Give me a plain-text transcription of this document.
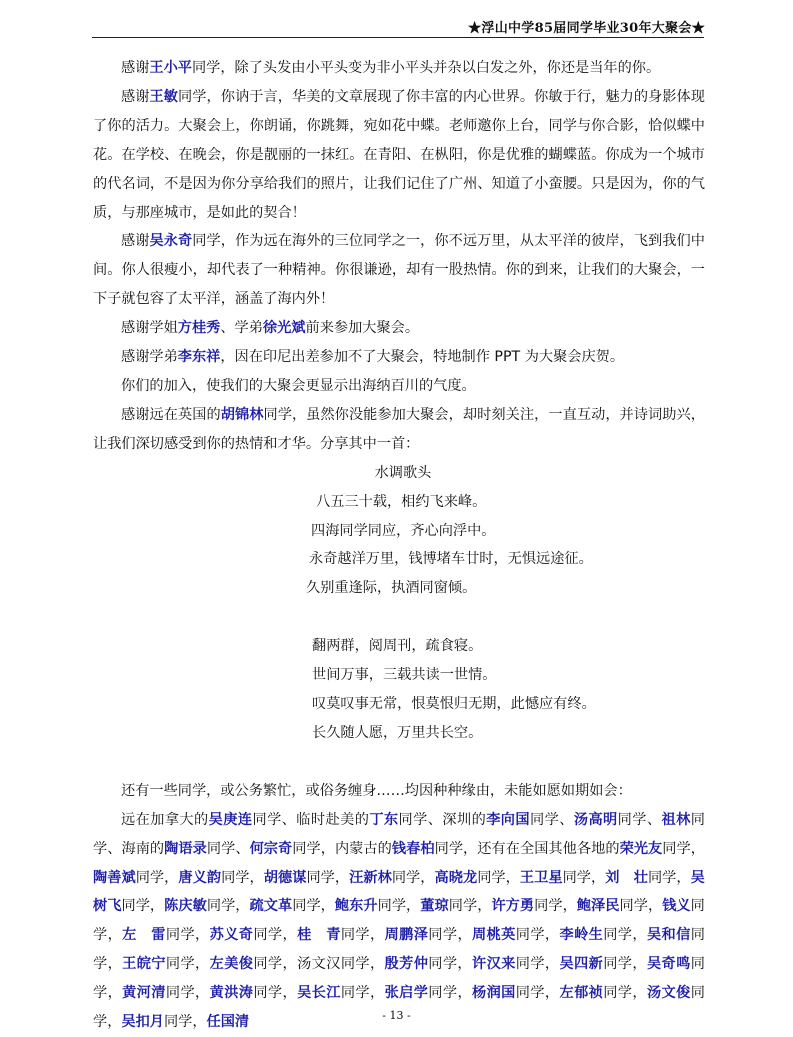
★浮山中学85届同学毕业30年大聚会★

感谢王小平同学，除了头发由小平头变为非小平头并杂以白发之外，你还是当年的你。

感谢王敏同学，你讷于言，华美的文章展现了你丰富的内心世界。你敏于行，魅力的身影体现了你的活力。大聚会上，你朗诵，你跳舞，宛如花中蝶。老师邀你上台，同学与你合影，恰似蝶中花。在学校、在晚会，你是靓丽的一抹红。在青阳、在枞阳，你是优雅的蝴蝶蓝。你成为一个城市的代名词，不是因为你分享给我们的照片，让我们记住了广州、知道了小蛮腰。只是因为，你的气质，与那座城市，是如此的契合！

感谢吴永奇同学，作为远在海外的三位同学之一，你不远万里，从太平洋的彼岸，飞到我们中间。你人很瘦小，却代表了一种精神。你很谦逊，却有一股热情。你的到来，让我们的大聚会，一下子就包容了太平洋，涵盖了海内外！

感谢学姐方桂秀、学弟徐光斌前来参加大聚会。

感谢学弟李东祥，因在印尼出差参加不了大聚会，特地制作 PPT 为大聚会庆贺。

你们的加入，使我们的大聚会更显示出海纳百川的气度。

感谢远在英国的胡锦林同学，虽然你没能参加大聚会，却时刻关注，一直互动，并诗词助兴，让我们深切感受到你的热情和才华。分享其中一首：

水调歌头

八五三十载，相约飞来峰。

四海同学同应，齐心向浮中。

永奇越洋万里，钱博堵车廿时，无惧远途征。

久别重逢际，执酒同窗倾。

翻两群，阅周刊，疏食寝。

世间万事，三载共读一世情。

叹莫叹事无常，恨莫恨归无期，此憾应有终。

长久随人愿，万里共长空。

还有一些同学，或公务繁忙，或俗务缠身……均因种种缘由，未能如愿如期如会：

远在加拿大的吴庚连同学、临时赴美的丁东同学、深圳的李向国同学、汤高明同学、祖林同学、海南的陶语录同学、何宗奇同学，内蒙古的钱春柏同学，还有在全国其他各地的荣光友同学，陶善斌同学，唐义韵同学，胡德谋同学，汪新林同学，高晓龙同学，王卫星同学，刘　壮同学，吴树飞同学，陈庆敏同学，疏文革同学，鲍东升同学，董琼同学，许方勇同学，鲍泽民同学，钱义同学，左　雷同学，苏义奇同学，桂　青同学，周鹏泽同学，周桃英同学，李岭生同学，吴和信同学，王皖宁同学，左美俊同学，汤文汉同学，殷芳仲同学，许汉来同学，吴四新同学，吴奇鸣同学，黄河清同学，黄洪涛同学，吴长江同学，张启学同学，杨润国同学，左郁祯同学，汤文俊同学，吴扣月同学，任国清	- 13 -
